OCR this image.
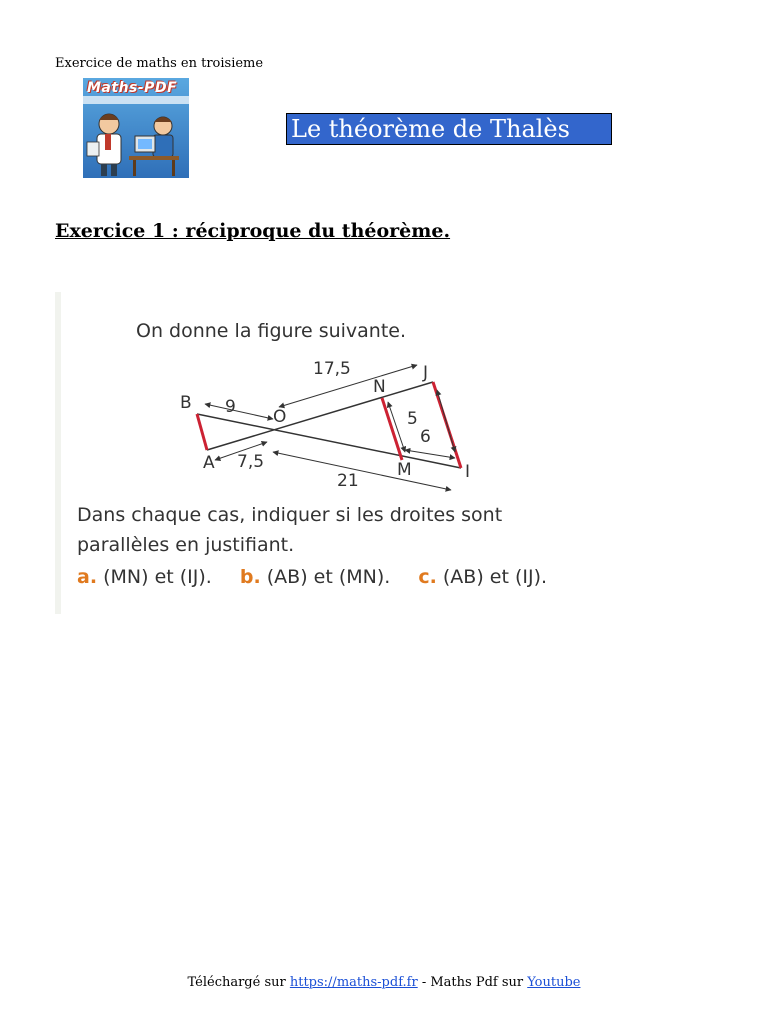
Exercice de maths en troisieme
Maths-PDF
Le théorème de Thalès
Exercice 1 : réciproque du théorème.
On donne la figure suivante.
B
O
N
J
A	M	I
17,5
9
5
6
7,5
21
Dans chaque cas, indiquer si les droites sont
parallèles en justifiant.
a. (MN) et (IJ). b. (AB) et (MN). c. (AB) et (IJ).
Téléchargé sur https://maths-pdf.fr - Maths Pdf sur Youtube
